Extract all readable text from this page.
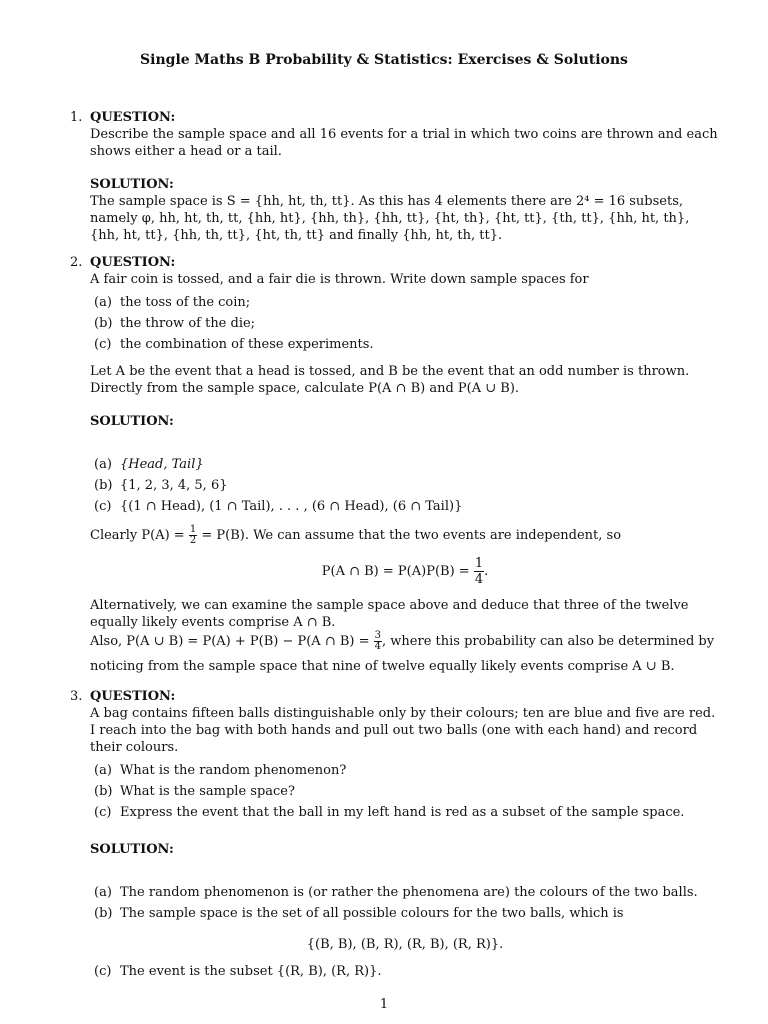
Single Maths B Probability & Statistics: Exercises & Solutions
1. QUESTION:

Describe the sample space and all 16 events for a trial in which two coins are thrown and each shows either a head or a tail.

SOLUTION:

The sample space is S = {hh, ht, th, tt}. As this has 4 elements there are 2⁴ = 16 subsets, namely φ, hh, ht, th, tt, {hh, ht}, {hh, th}, {hh, tt}, {ht, th}, {ht, tt}, {th, tt}, {hh, ht, th}, {hh, ht, tt}, {hh, th, tt}, {ht, th, tt} and finally {hh, ht, th, tt}.

2. QUESTION:

A fair coin is tossed, and a fair die is thrown. Write down sample spaces for

(a) the toss of the coin;
(b) the throw of the die;
(c) the combination of these experiments.

Let A be the event that a head is tossed, and B be the event that an odd number is thrown. Directly from the sample space, calculate P(A ∩ B) and P(A ∪ B).

SOLUTION:

(a) {Head, Tail}
(b) {1, 2, 3, 4, 5, 6}
(c) {(1 ∩ Head), (1 ∩ Tail), . . . , (6 ∩ Head), (6 ∩ Tail)}

Clearly $P(A) = \frac{1}{2} = P(B)$. We can assume that the two events are independent, so

P(A ∩ $B) = P(A)P(B) = \frac{1}{4}$ .

Alternatively, we can examine the sample space above and deduce that three of the twelve equally likely events comprise A ∩ B.

Also, P(A ∪ B) = P(A) + P(B) − P(A ∩ $B) = \frac{3}{4}$ , where this probability can also be determined by

noticing from the sample space that nine of twelve equally likely events comprise A ∪ B.

3. QUESTION:

A bag contains fifteen balls distinguishable only by their colours; ten are blue and five are red. I reach into the bag with both hands and pull out two balls (one with each hand) and record their colours.

(a) What is the random phenomenon?
(b) What is the sample space?
(c) Express the event that the ball in my left hand is red as a subset of the sample space.

SOLUTION:

(a) The random phenomenon is (or rather the phenomena are) the colours of the two balls.
(b) The sample space is the set of all possible colours for the two balls, which is
{(B, B), (B, R), (R, B), (R, R)}.
(c) The event is the subset {(R, B), (R, R)}.
1
